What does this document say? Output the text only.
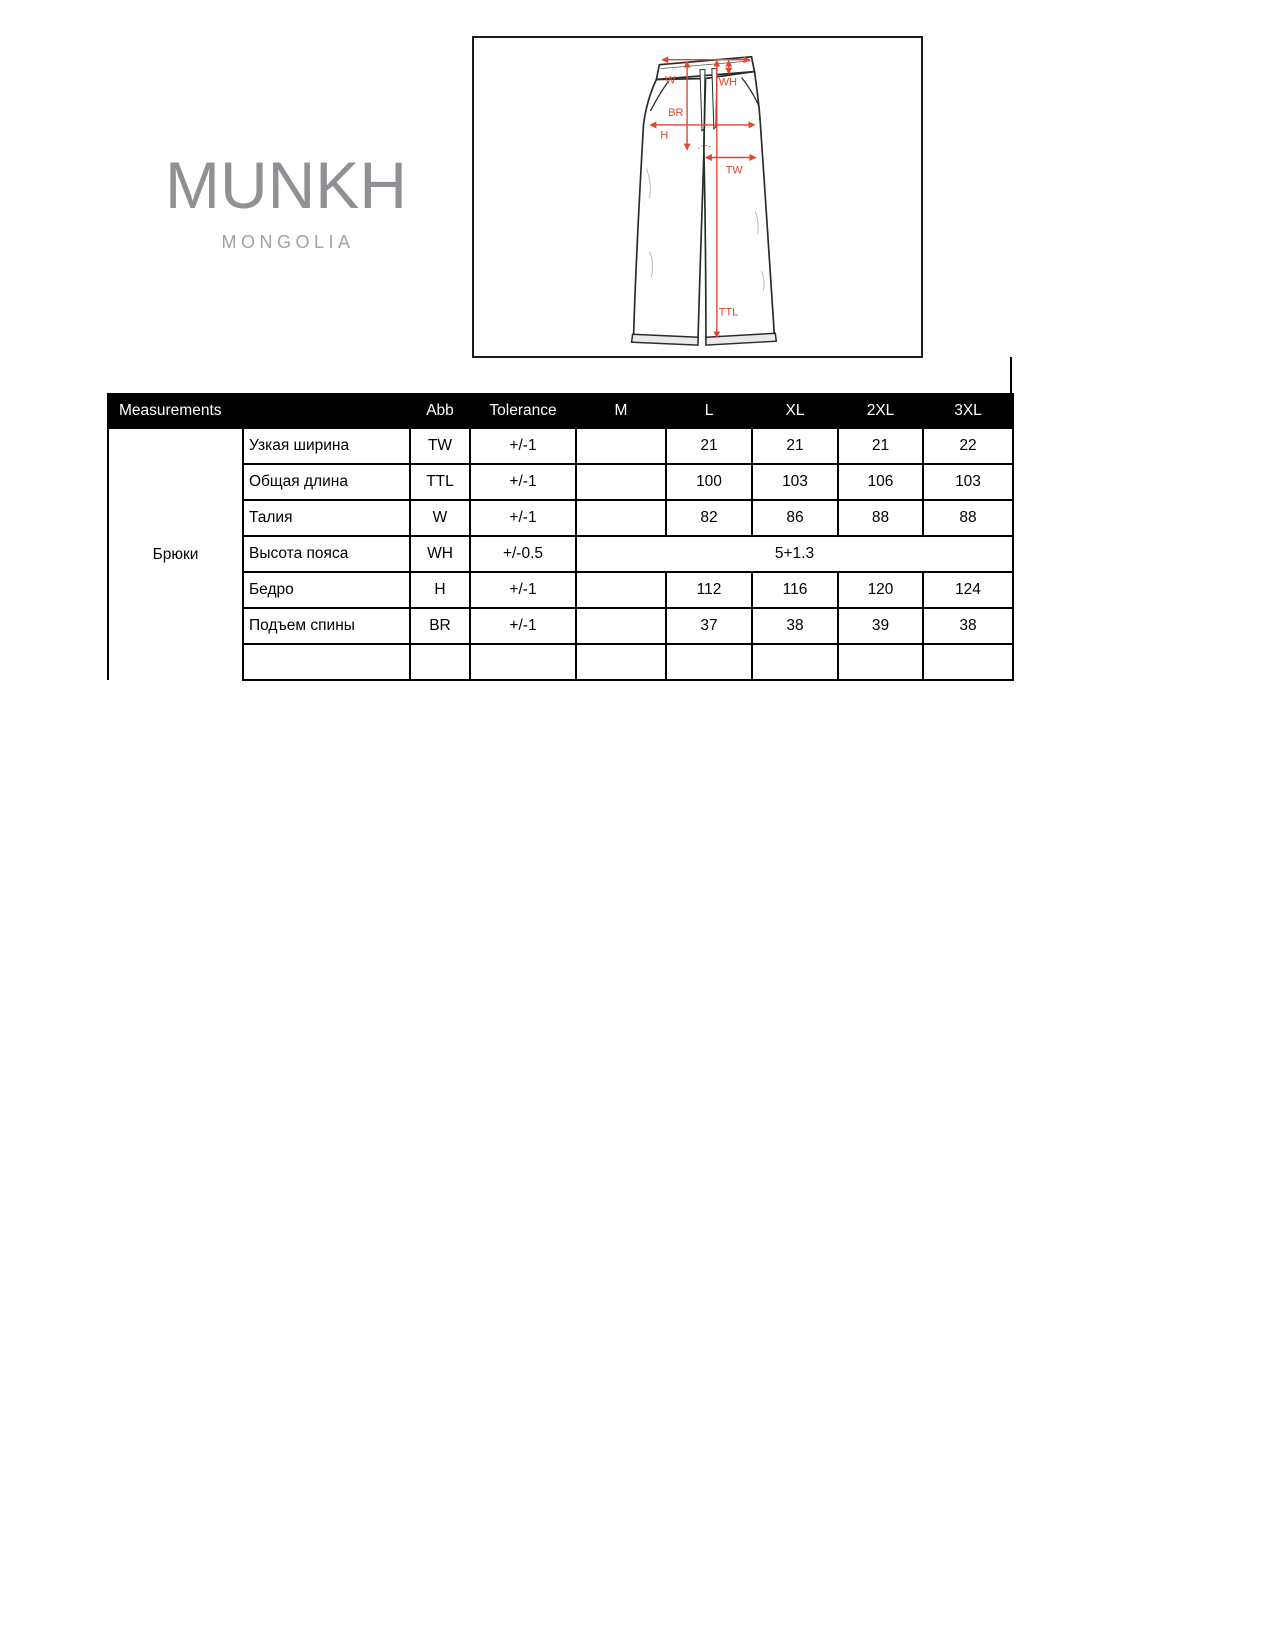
MUNKH
MONGOLIA
W	WH
BR
H
TW
TTL
Measurements		Abb	Tolerance	M	L	XL	2XL	3XL
Брюки	Узкая ширина	TW	+/-1		21	21	21	22
	Общая длина	TTL	+/-1		100	103	106	103
	Талия	W	+/-1		82	86	88	88
	Высота пояса	WH	+/-0.5	5+1.3				
	Бедро	H	+/-1		112	116	120	124
	Подъем спины	BR	+/-1		37	38	39	38
